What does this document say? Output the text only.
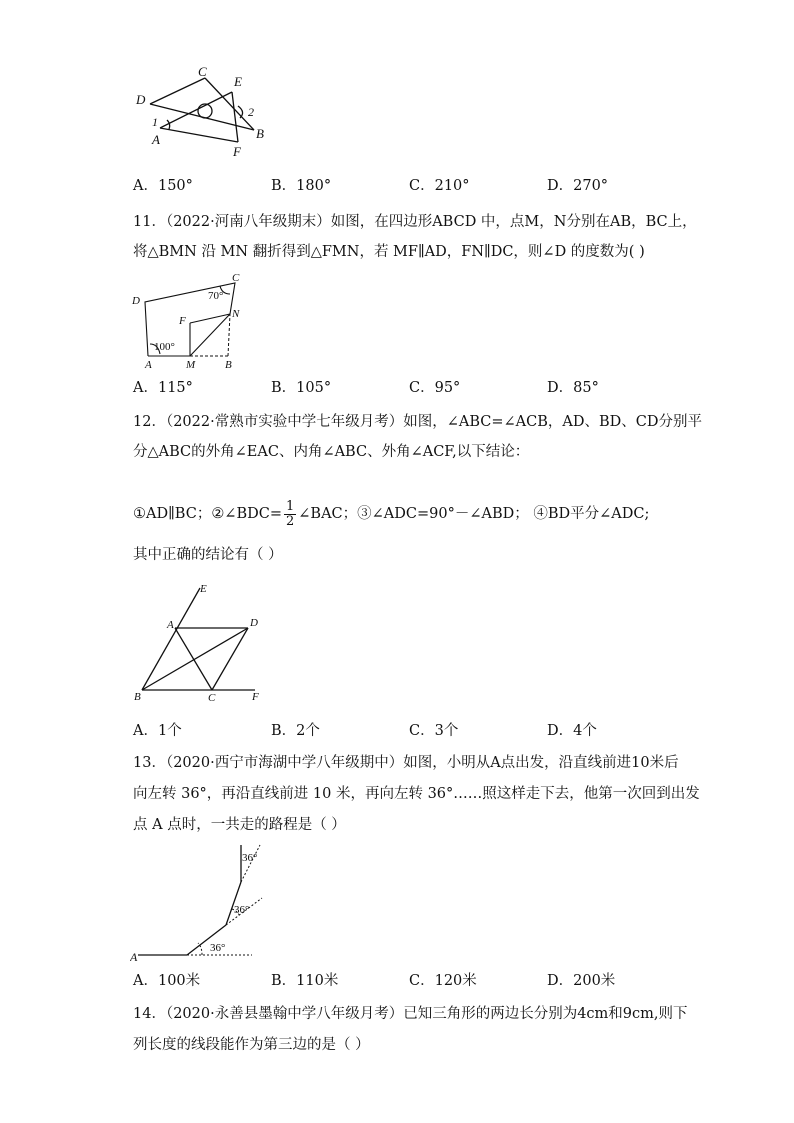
C
E
D
2
1
B
A
F
A．150°	B．180°	C．210°	D．270°
11．（2022·河南八年级期末）如图，在四边形ABCD 中，点M，N分别在AB，BC上，
将△BMN 沿 MN 翻折得到△FMN，若 MF∥AD，FN∥DC，则∠D 的度数为( )
C
D	70°
F
N
100°
A	M	B
A．115°	B．105°	C．95°	D．85°
12．（2022·常熟市实验中学七年级月考）如图，∠ABC=∠ACB，AD、BD、CD分别平
分△ABC的外角∠EAC、内角∠ABC、外角∠ACF,以下结论：
①AD∥BC；②∠BDC= $\frac{1}{2}$ ∠BAC；③∠ADC=90°－∠ABD； ④BD平分∠ADC;
其中正确的结论有（ ）
E
A	D
B	C	F
A．1个	B．2个	C．3个	D．4个
13．（2020·西宁市海湖中学八年级期中）如图，小明从A点出发，沿直线前进10米后
向左转 36°，再沿直线前进 10 米，再向左转 36°……照这样走下去，他第一次回到出发
点 A 点时，一共走的路程是（ ）
36°
36°
36°
A
A．100米	B．110米	C．120米	D．200米
14．（2020·永善县墨翰中学八年级月考）已知三角形的两边长分别为4cm和9cm,则下
列长度的线段能作为第三边的是（ ）
